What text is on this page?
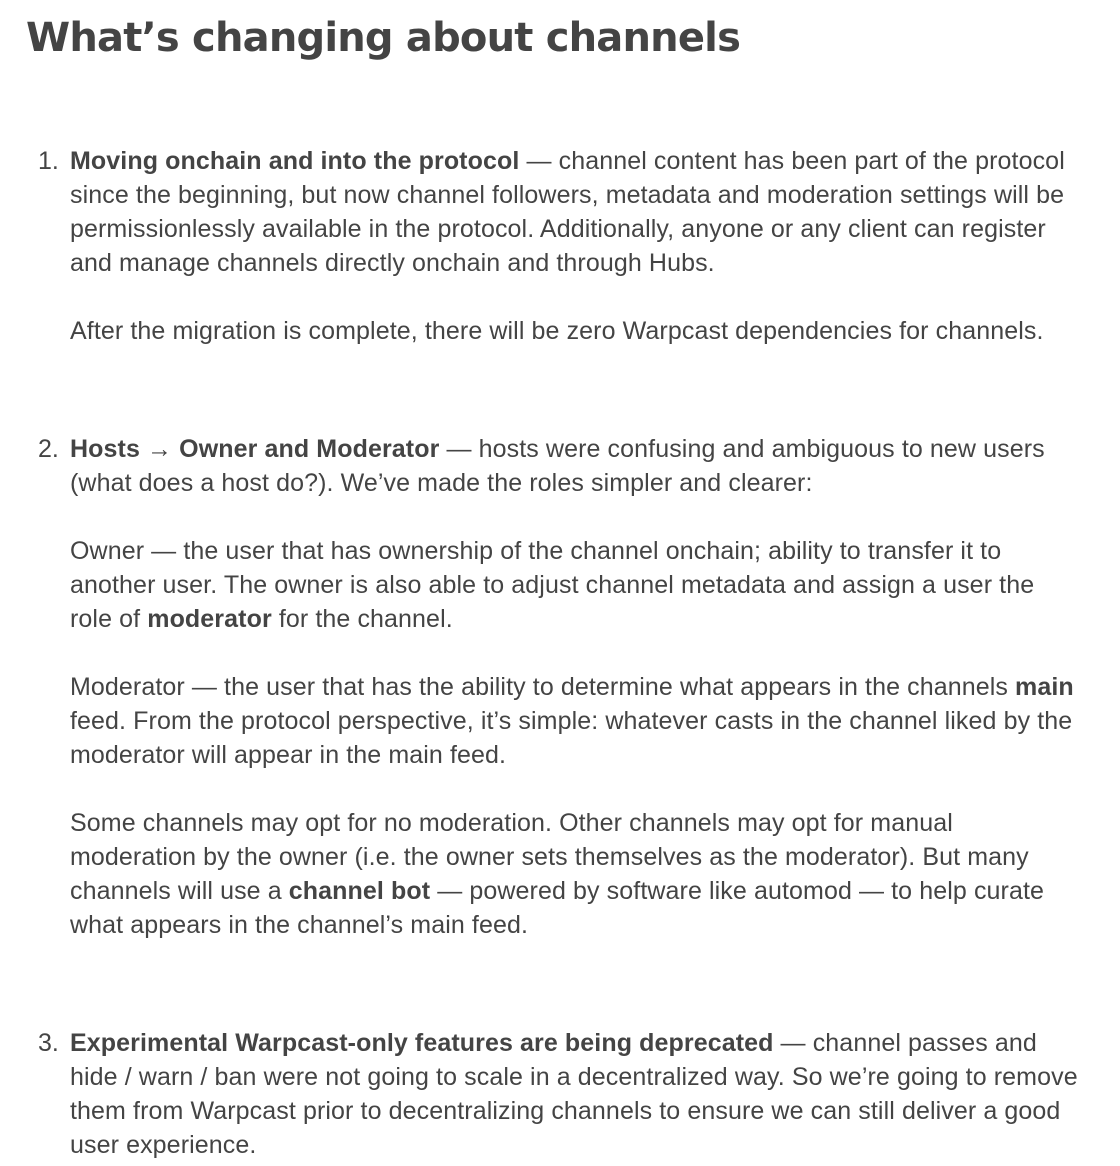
What’s changing about channels
1. Moving onchain and into the protocol — channel content has been part of the protocol since the beginning, but now channel followers, metadata and moderation settings will be permissionlessly available in the protocol. Additionally, anyone or any client can register and manage channels directly onchain and through Hubs.

After the migration is complete, there will be zero Warpcast dependencies for channels.

2. Hosts → Owner and Moderator — hosts were confusing and ambiguous to new users (what does a host do?). We’ve made the roles simpler and clearer:

Owner — the user that has ownership of the channel onchain; ability to transfer it to another user. The owner is also able to adjust channel metadata and assign a user the role of moderator for the channel.

Moderator — the user that has the ability to determine what appears in the channels main feed. From the protocol perspective, it’s simple: whatever casts in the channel liked by the moderator will appear in the main feed.

Some channels may opt for no moderation. Other channels may opt for manual moderation by the owner (i.e. the owner sets themselves as the moderator). But many channels will use a channel bot — powered by software like automod — to help curate what appears in the channel’s main feed.

3. Experimental Warpcast-only features are being deprecated — channel passes and hide / warn / ban were not going to scale in a decentralized way. So we’re going to remove them from Warpcast prior to decentralizing channels to ensure we can still deliver a good user experience.
